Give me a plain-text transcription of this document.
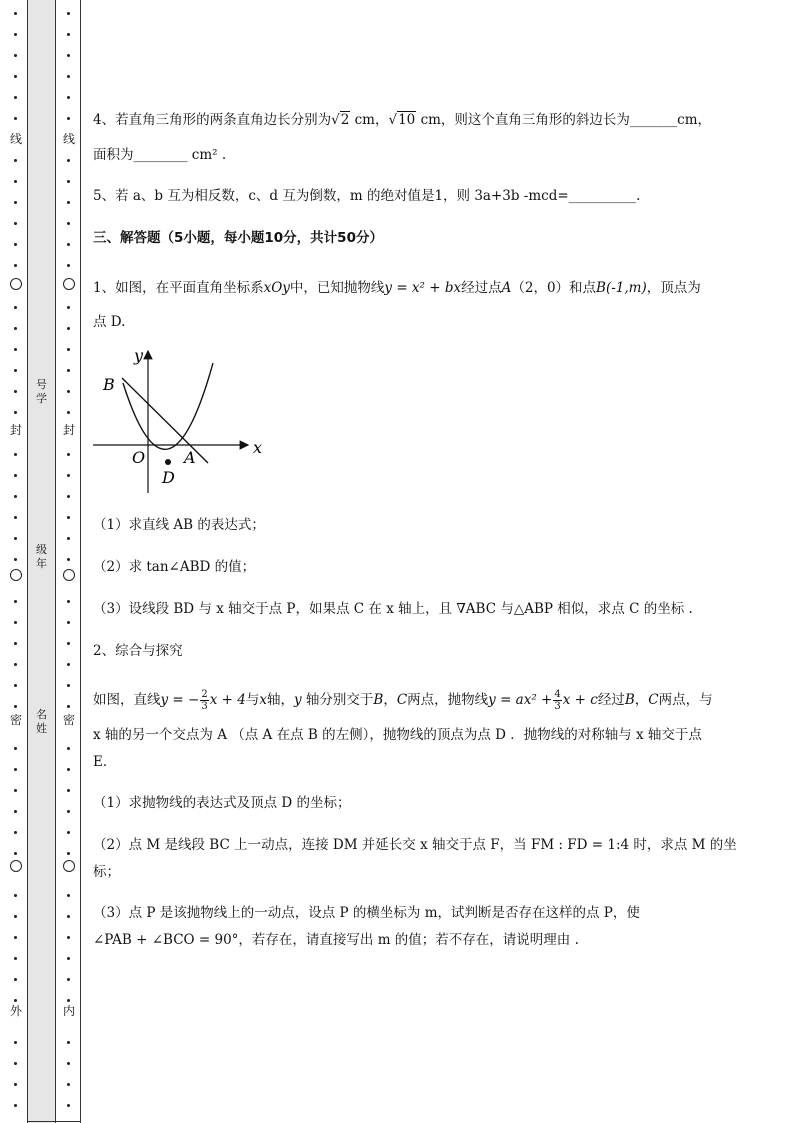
线
封
密
外
线
封
密
内
号学
级年
名姓
4、若直角三角形的两条直角边长分别为√2 cm，√10 cm，则这个直角三角形的斜边长为_______cm，
面积为________ cm² .
5、若 a、b 互为相反数，c、d 互为倒数，m 的绝对值是1，则 3a+3b -mcd=__________.
三、解答题（5小题，每小题10分，共计50分）
1、如图，在平面直角坐标系xOy中，已知抛物线y = x² + bx经过点A（2，0）和点B(-1,m)，顶点为
点 D.
（1）求直线 AB 的表达式；
（2）求 tan∠ABD 的值；
（3）设线段 BD 与 x 轴交于点 P，如果点 C 在 x 轴上，且 ∇ABC 与△ABP 相似，求点 C 的坐标 .
2、综合与探究
如图，直线y = − $\frac{2}{3}$ x + 4与x轴，y 轴分别交于B，C两点，抛物线$y = ax^2 + \frac{4}{3}$ x + c经过B，C两点，与
x 轴的另一个交点为 A （点 A 在点 B 的左侧），抛物线的顶点为点 D ．抛物线的对称轴与 x 轴交于点
E．
（1）求抛物线的表达式及顶点 D 的坐标；
（2）点 M 是线段 BC 上一动点，连接 DM 并延长交 x 轴交于点 F，当 FM : FD = 1:4 时，求点 M 的坐
标；
（3）点 P 是该抛物线上的一动点，设点 P 的横坐标为 m，试判断是否存在这样的点 P，使
∠PAB + ∠BCO = 90°，若存在，请直接写出 m 的值；若不存在，请说明理由 .
y
x
B
O A
D
